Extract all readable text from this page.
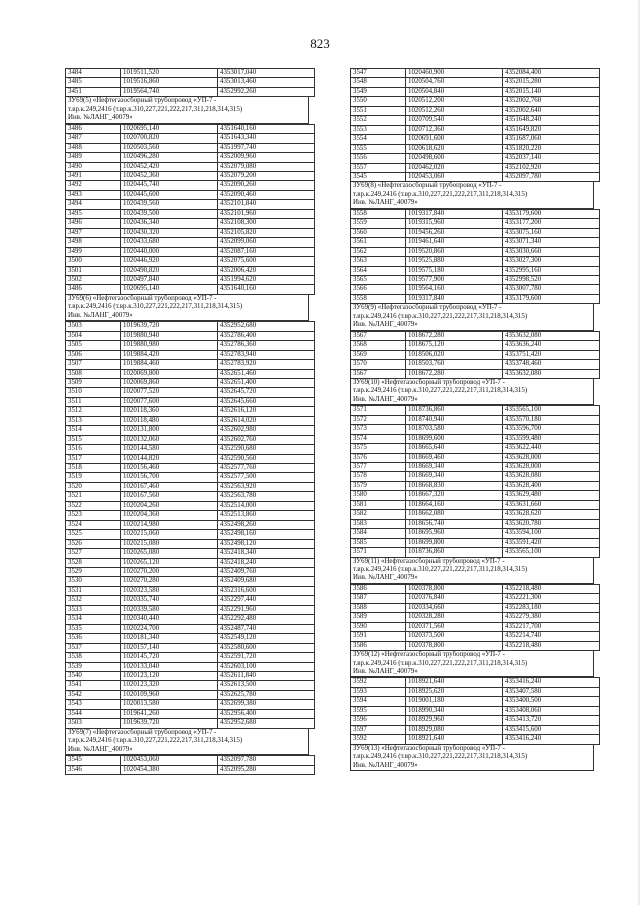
823
3484	1019511,520	4353017,040
3485	1019516,860	4353013,460
3451	1019564,740	4352992,260
ЗУ69(5) «Нефтегазосборный трубопровод «УП-7 -
т.вр.к.249,2416 (т.вр.к.310,227,221,222,217,311,218,314,315)
Инв. №ЛАНГ_40079»
3486	1020695,140	4351640,160
3487	1020700,820	4351643,340
3488	1020503,560	4351997,740
3489	1020496,280	4352009,960
3490	1020452,420	4352079,080
3491	1020452,360	4352079,200
3492	1020445,740	4352090,260
3493	1020445,600	4352090,460
3494	1020439,560	4352101,840
3495	1020439,500	4352101,960
3496	1020436,340	4352108,300
3497	1020430,320	4352105,820
3498	1020433,680	4352099,060
3499	1020440,000	4352087,160
3500	1020446,920	4352075,600
3501	1020490,820	4352006,420
3502	1020497,840	4351994,620
3486	1020695,140	4351640,160
ЗУ69(6) «Нефтегазосборный трубопровод «УП-7 -
т.вр.к.249,2416 (т.вр.к.310,227,221,222,217,311,218,314,315)
Инв. №ЛАНГ_40079»
3503	1019639,720	4352952,680
3504	1019880,940	4352786,400
3505	1019880,980	4352786,360
3506	1019884,420	4352783,940
3507	1019884,460	4352783,920
3508	1020069,800	4352651,460
3509	1020069,860	4352651,400
3510	1020077,520	4352645,720
3511	1020077,600	4352645,660
3512	1020118,360	4352616,120
3513	1020118,480	4352614,020
3514	1020131,800	4352602,980
3515	1020132,060	4352602,760
3516	1020144,580	4352590,680
3517	1020144,820	4352590,560
3518	1020156,460	4352577,760
3519	1020156,700	4352577,500
3520	1020167,460	4352563,920
3521	1020167,560	4352563,780
3522	1020204,260	4352514,000
3523	1020204,360	4352513,860
3524	1020214,980	4352498,260
3525	1020215,060	4352498,160
3526	1020215,080	4352498,120
3527	1020265,080	4352418,340
3528	1020265,120	4352418,240
3529	1020270,200	4352409,760
3530	1020270,280	4352409,680
3531	1020323,580	4352316,600
3532	1020335,740	4352297,440
3533	1020339,580	4352291,960
3534	1020340,440	4352292,480
3535	1020224,700	4352487,740
3536	1020181,340	4352549,120
3537	1020157,140	4352580,600
3538	1020145,720	4352591,720
3539	1020133,040	4352603,100
3540	1020123,120	4352611,840
3541	1020123,320	4352613,500
3542	1020109,960	4352625,780
3543	1020013,580	4352699,380
3544	1019641,260	4352956,400
3503	1019639,720	4352952,680
ЗУ69(7) «Нефтегазосборный трубопровод «УП-7 -
т.вр.к.249,2416 (т.вр.к.310,227,221,222,217,311,218,314,315)
Инв. №ЛАНГ_40079»
3545	1020453,060	4352097,780
3546	1020454,380	4352095,280
3547	1020460,900	4352084,400
3548	1020504,760	4352015,280
3549	1020504,840	4352015,140
3550	1020512,200	4352002,760
3551	1020512,260	4352002,640
3552	1020709,540	4351648,240
3553	1020712,360	4351649,820
3554	1020691,600	4351687,060
3555	1020618,620	4351820,220
3556	1020498,600	4352037,140
3557	1020462,020	4352102,920
3545	1020453,060	4352097,780
ЗУ69(8) «Нефтегазосборный трубопровод «УП-7 -
т.вр.к.249,2416 (т.вр.к.310,227,221,222,217,311,218,314,315)
Инв. №ЛАНГ_40079»
3558	1019317,840	4353179,600
3559	1019315,960	4353177,200
3560	1019456,260	4353075,160
3561	1019461,640	4353071,340
3562	1019520,860	4353030,660
3563	1019525,880	4353027,300
3564	1019575,180	4352995,160
3565	1019577,900	4352998,520
3566	1019564,160	4353007,780
3558	1019317,840	4353179,600
ЗУ69(9) «Нефтегазосборный трубопровод «УП-7 -
т.вр.к.249,2416 (т.вр.к.310,227,221,222,217,311,218,314,315)
Инв. №ЛАНГ_40079»
3567	1018672,280	4353632,080
3568	1018675,120	4353636,240
3569	1018506,020	4353751,420
3570	1018503,760	4353748,460
3567	1018672,280	4353632,080
ЗУ69(10) «Нефтегазосборный трубопровод «УП-7 -
т.вр.к.249,2416 (т.вр.к.310,227,221,222,217,311,218,314,315)
Инв. №ЛАНГ_40079»
3571	1018736,860	4353565,100
3572	1018740,940	4353570,180
3573	1018703,580	4353596,700
3574	1018699,600	4353599,480
3575	1018665,640	4353622,440
3576	1018669,460	4353628,000
3577	1018669,340	4353628,000
3578	1018669,340	4353628,080
3579	1018668,830	4353628,400
3580	1018667,320	4353629,480
3581	1018664,160	4353631,660
3582	1018662,080	4353628,620
3583	1018656,740	4353620,780
3584	1018695,960	4353594,100
3585	1018699,800	4353591,420
3571	1018736,860	4353565,100
ЗУ69(11) «Нефтегазосборный трубопровод «УП-7 -
т.вр.к.249,2416 (т.вр.к.310,227,221,222,217,311,218,314,315)
Инв. №ЛАНГ_40079»
3586	1020378,800	4352218,480
3587	1020376,840	4352221,300
3588	1020334,660	4352283,180
3589	1020328,280	4352279,380
3590	1020371,560	4352217,700
3591	1020373,500	4352214,740
3586	1020378,800	4352218,480
ЗУ69(12) «Нефтегазосборный трубопровод «УП-7 -
т.вр.к.249,2416 (т.вр.к.310,227,221,222,217,311,218,314,315)
Инв. №ЛАНГ_40079»
3592	1018921,640	4353416,240
3593	1018925,620	4353407,580
3594	1019001,180	4353400,500
3595	1018990,340	4353408,060
3596	1018929,960	4353413,720
3597	1018929,080	4353415,600
3592	1018921,640	4353416,240
ЗУ69(13) «Нефтегазосборный трубопровод «УП-7 -
т.вр.к.249,2416 (т.вр.к.310,227,221,222,217,311,218,314,315)
Инв. №ЛАНГ_40079»
